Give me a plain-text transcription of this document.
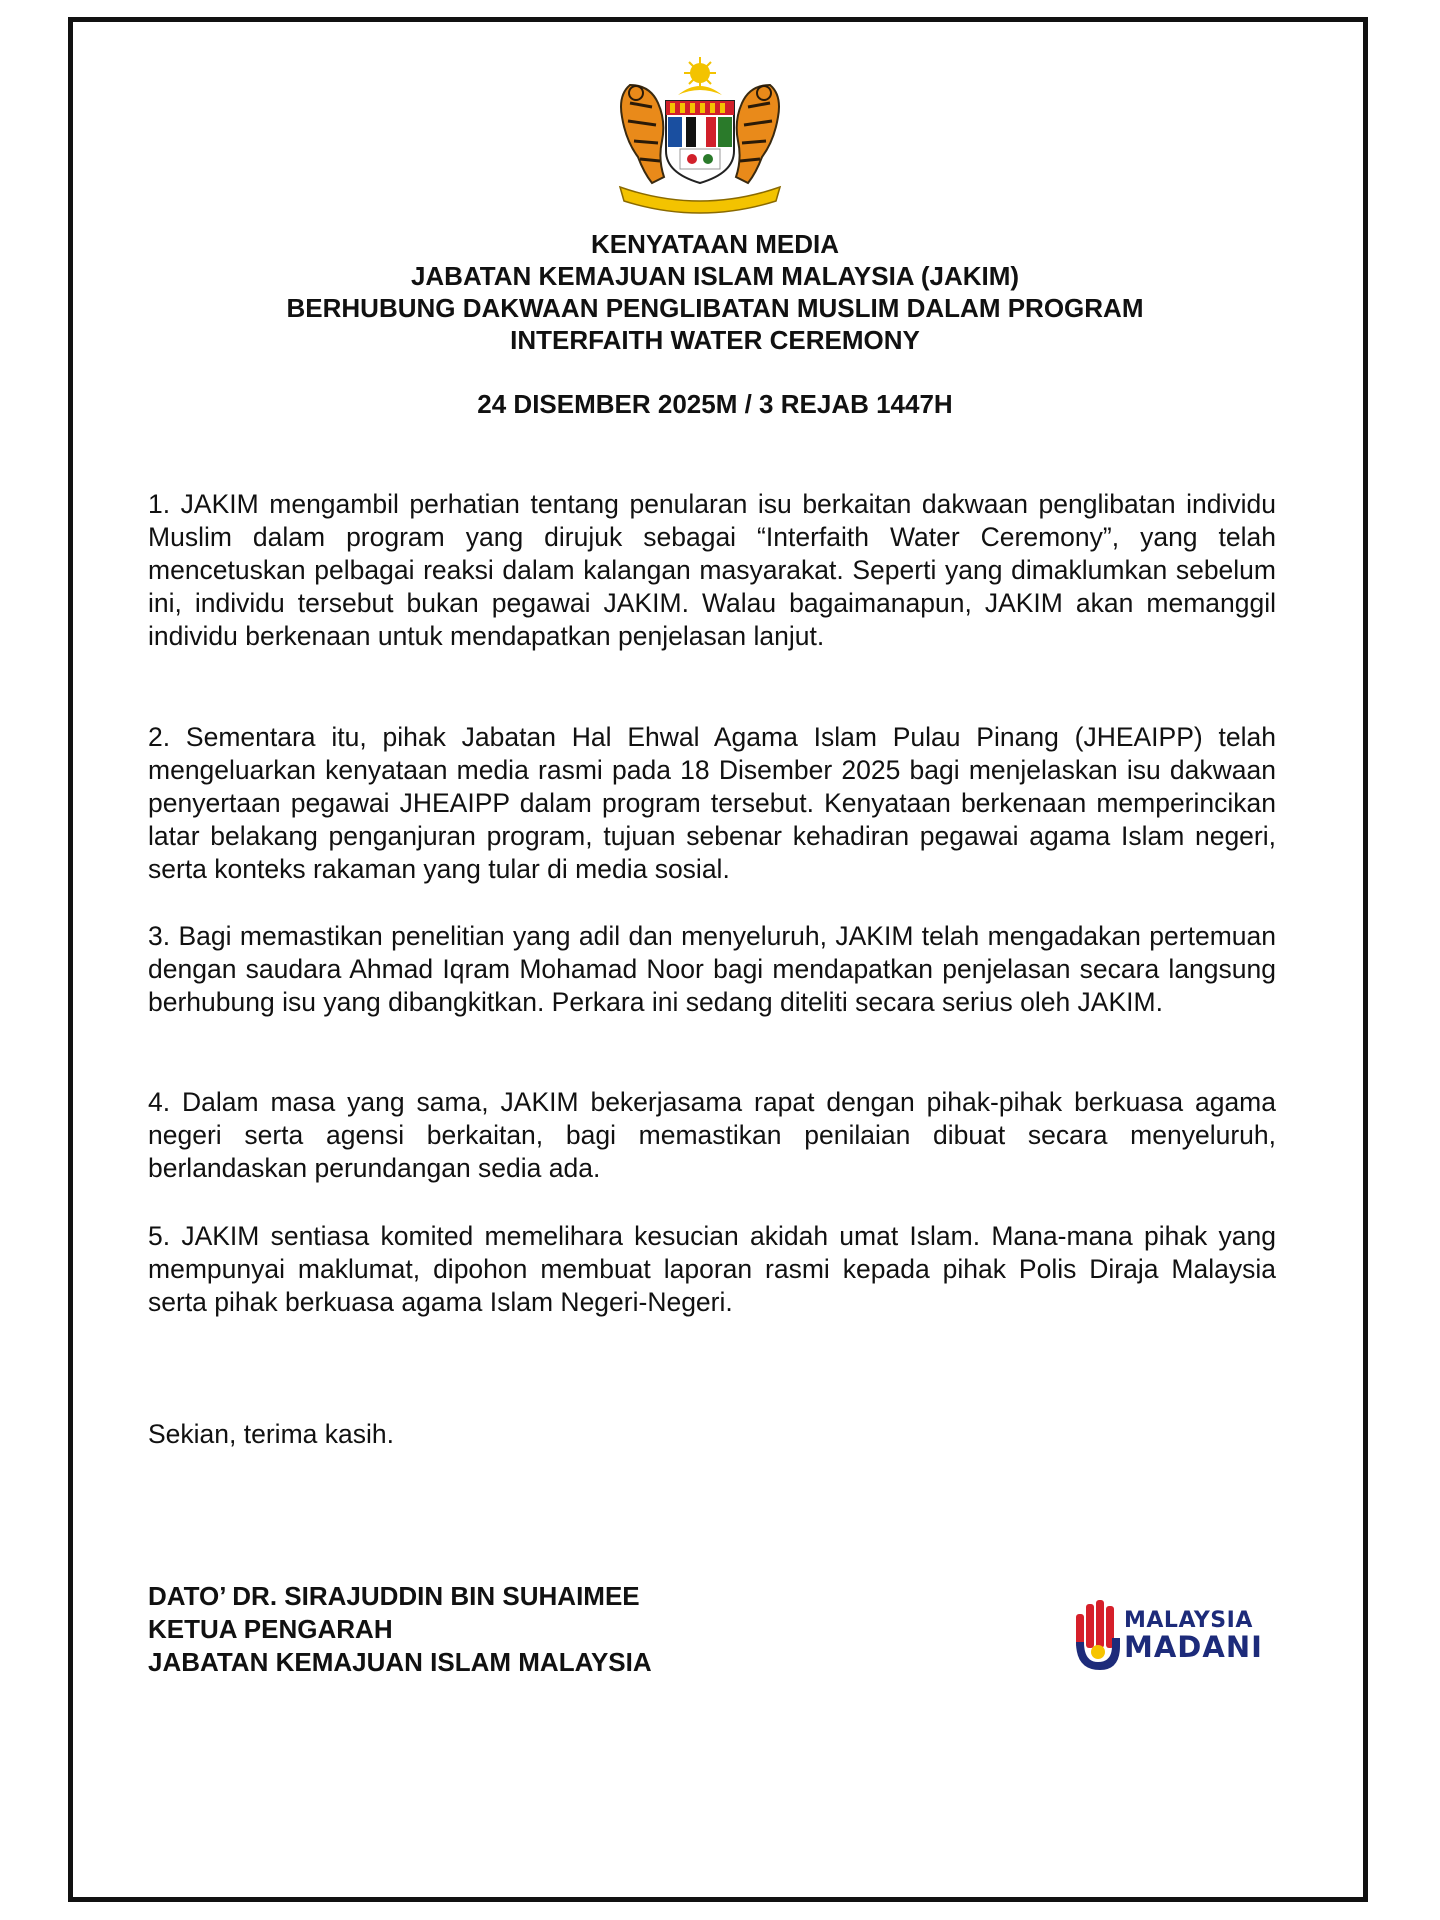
KENYATAAN MEDIA
JABATAN KEMAJUAN ISLAM MALAYSIA (JAKIM)
BERHUBUNG DAKWAAN PENGLIBATAN MUSLIM DALAM PROGRAM
INTERFAITH WATER CEREMONY
24 DISEMBER 2025M / 3 REJAB 1447H

1. JAKIM mengambil perhatian tentang penularan isu berkaitan dakwaan penglibatan individu Muslim dalam program yang dirujuk sebagai “Interfaith Water Ceremony”, yang telah mencetuskan pelbagai reaksi dalam kalangan masyarakat. Seperti yang dimaklumkan sebelum ini, individu tersebut bukan pegawai JAKIM. Walau bagaimanapun, JAKIM akan memanggil individu berkenaan untuk mendapatkan penjelasan lanjut.

2. Sementara itu, pihak Jabatan Hal Ehwal Agama Islam Pulau Pinang (JHEAIPP) telah mengeluarkan kenyataan media rasmi pada 18 Disember 2025 bagi menjelaskan isu dakwaan penyertaan pegawai JHEAIPP dalam program tersebut. Kenyataan berkenaan memperincikan latar belakang penganjuran program, tujuan sebenar kehadiran pegawai agama Islam negeri, serta konteks rakaman yang tular di media sosial.

3. Bagi memastikan penelitian yang adil dan menyeluruh, JAKIM telah mengadakan pertemuan dengan saudara Ahmad Iqram Mohamad Noor bagi mendapatkan penjelasan secara langsung berhubung isu yang dibangkitkan. Perkara ini sedang diteliti secara serius oleh JAKIM.

4. Dalam masa yang sama, JAKIM bekerjasama rapat dengan pihak-pihak berkuasa agama negeri serta agensi berkaitan, bagi memastikan penilaian dibuat secara menyeluruh, berlandaskan perundangan sedia ada.

5. JAKIM sentiasa komited memelihara kesucian akidah umat Islam. Mana-mana pihak yang mempunyai maklumat, dipohon membuat laporan rasmi kepada pihak Polis Diraja Malaysia serta pihak berkuasa agama Islam Negeri-Negeri.

Sekian, terima kasih.
DATO’ DR. SIRAJUDDIN BIN SUHAIMEE
KETUA PENGARAH
JABATAN KEMAJUAN ISLAM MALAYSIA
MALAYSIA
MADANI
